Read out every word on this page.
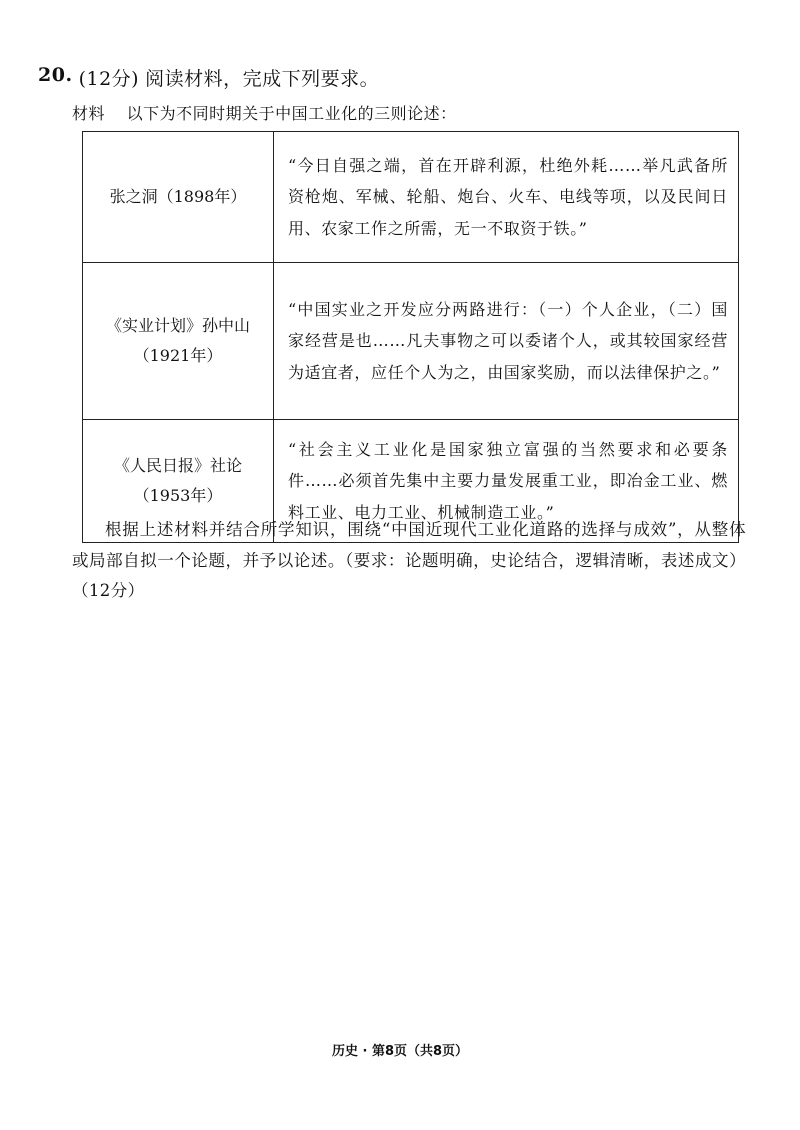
20. (12分) 阅读材料，完成下列要求。
材料 以下为不同时期关于中国工业化的三则论述：
张之洞（1898年）	“今日自强之端，首在开辟利源，杜绝外耗……举凡武备所资枪炮、军械、轮船、炮台、火车、电线等项，以及民间日用、农家工作之所需，无一不取资于铁。”

《实业计划》孙中山
（1921年）	“中国实业之开发应分两路进行：（一）个人企业，（二）国家经营是也……凡夫事物之可以委诸个人，或其较国家经营为适宜者，应任个人为之，由国家奖励，而以法律保护之。”

《人民日报》社论
（1953年）	“社会主义工业化是国家独立富强的当然要求和必要条件……必须首先集中主要力量发展重工业，即冶金工业、燃料工业、电力工业、机械制造工业。”
根据上述材料并结合所学知识，围绕“中国近现代工业化道路的选择与成效”，从整体或局部自拟一个论题，并予以论述。（要求：论题明确，史论结合，逻辑清晰，表述成文）（12分）
历史 · 第8页（共8页）
